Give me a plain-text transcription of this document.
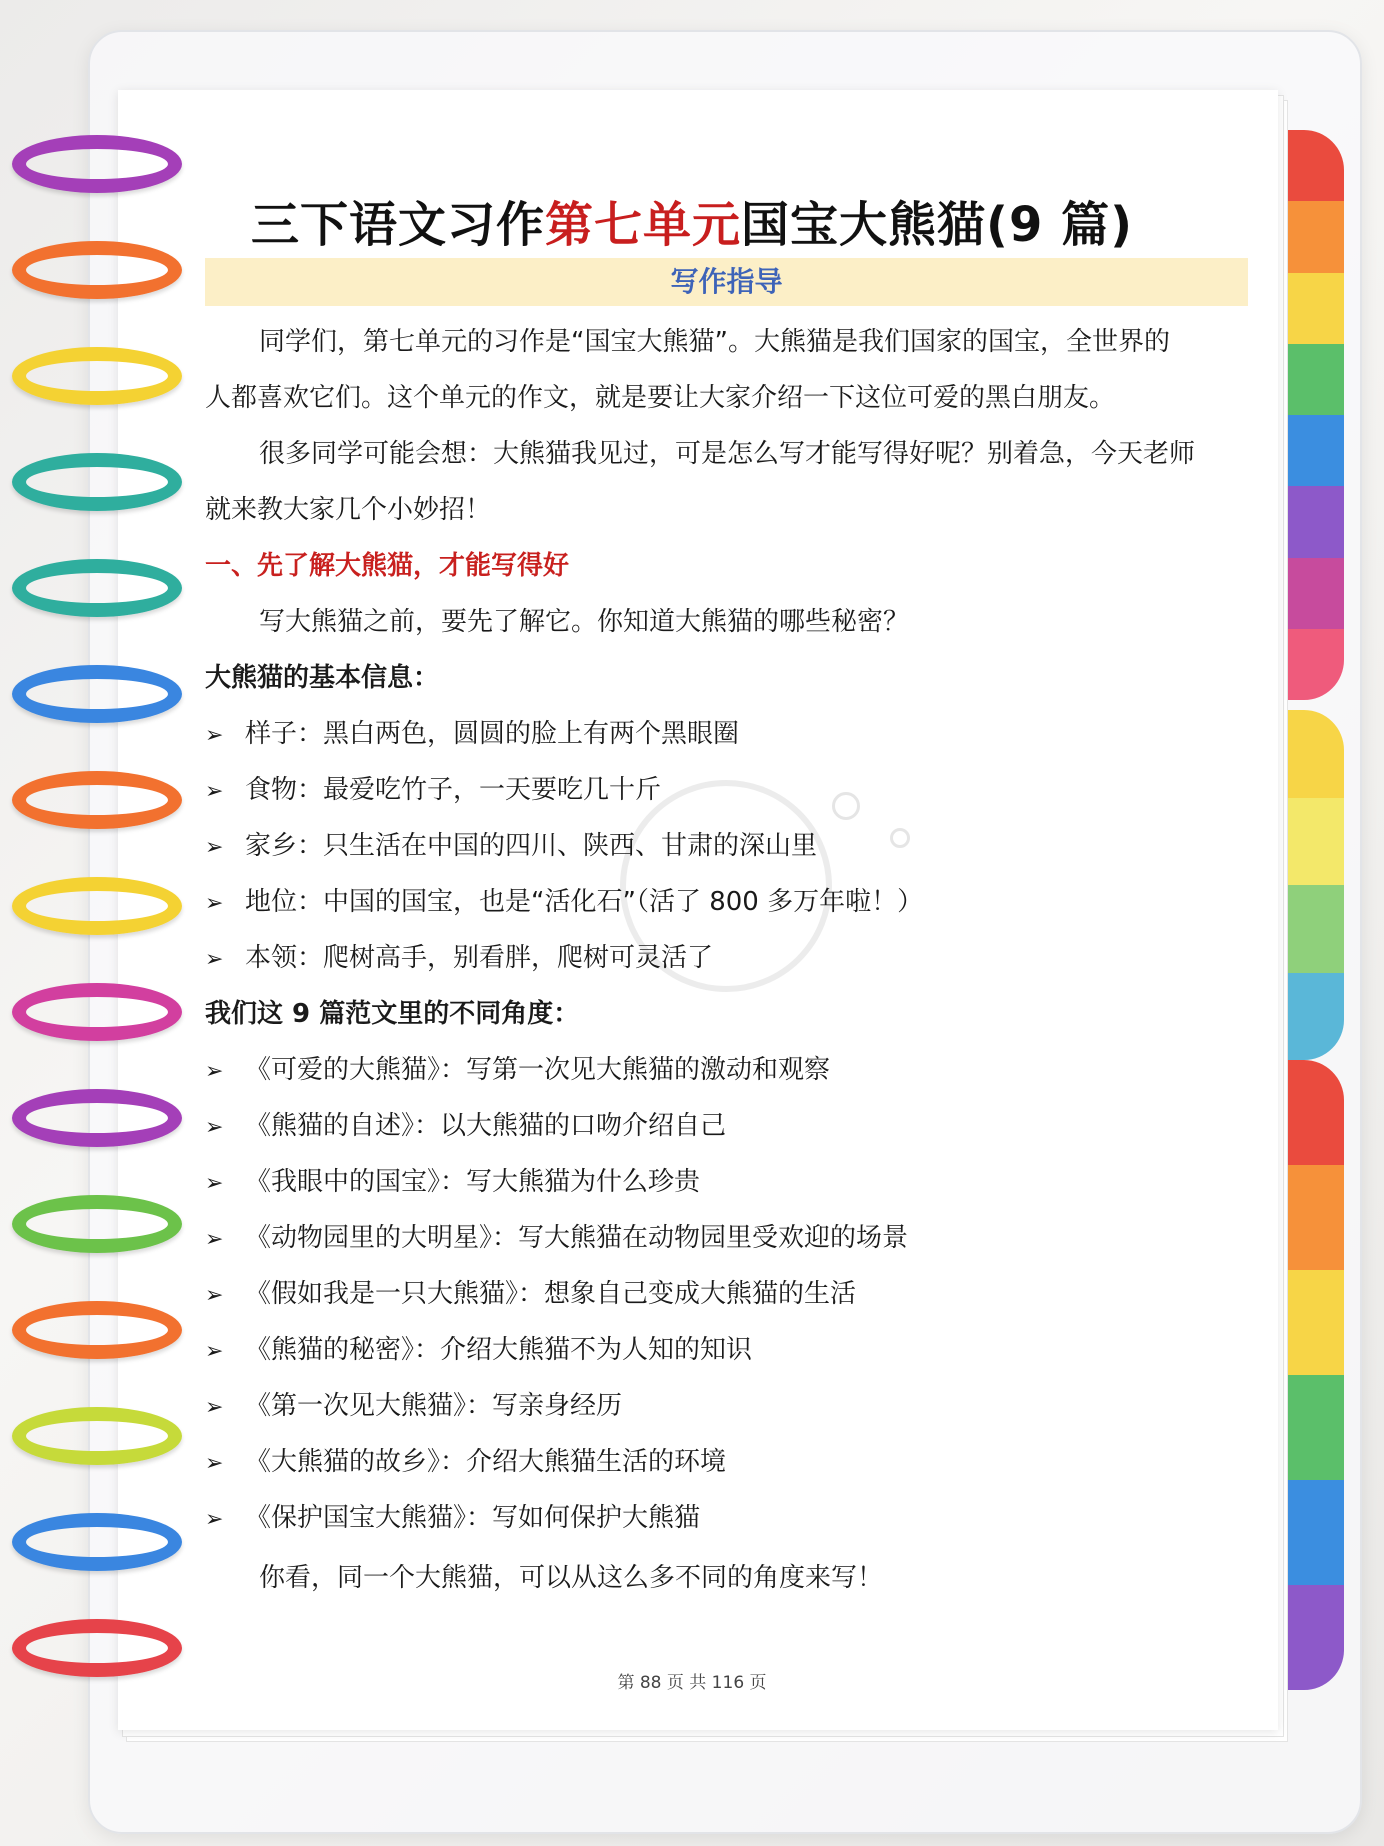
三下语文习作第七单元国宝大熊猫(9 篇)
写作指导
同学们，第七单元的习作是“国宝大熊猫”。大熊猫是我们国家的国宝，全世界的
人都喜欢它们。这个单元的作文，就是要让大家介绍一下这位可爱的黑白朋友。
很多同学可能会想：大熊猫我见过，可是怎么写才能写得好呢？别着急，今天老师
就来教大家几个小妙招！
一、先了解大熊猫，才能写得好
写大熊猫之前，要先了解它。你知道大熊猫的哪些秘密？
大熊猫的基本信息：
➢ 样子：黑白两色，圆圆的脸上有两个黑眼圈
➢ 食物：最爱吃竹子，一天要吃几十斤
➢ 家乡：只生活在中国的四川、陕西、甘肃的深山里
➢ 地位：中国的国宝，也是“活化石”（活了 800 多万年啦！）
➢ 本领：爬树高手，别看胖，爬树可灵活了
我们这 9 篇范文里的不同角度：
➢ 《可爱的大熊猫》：写第一次见大熊猫的激动和观察
➢ 《熊猫的自述》：以大熊猫的口吻介绍自己
➢ 《我眼中的国宝》：写大熊猫为什么珍贵
➢ 《动物园里的大明星》：写大熊猫在动物园里受欢迎的场景
➢ 《假如我是一只大熊猫》：想象自己变成大熊猫的生活
➢ 《熊猫的秘密》：介绍大熊猫不为人知的知识
➢ 《第一次见大熊猫》：写亲身经历
➢ 《大熊猫的故乡》：介绍大熊猫生活的环境
➢ 《保护国宝大熊猫》：写如何保护大熊猫
你看，同一个大熊猫，可以从这么多不同的角度来写！
第 88 页 共 116 页
